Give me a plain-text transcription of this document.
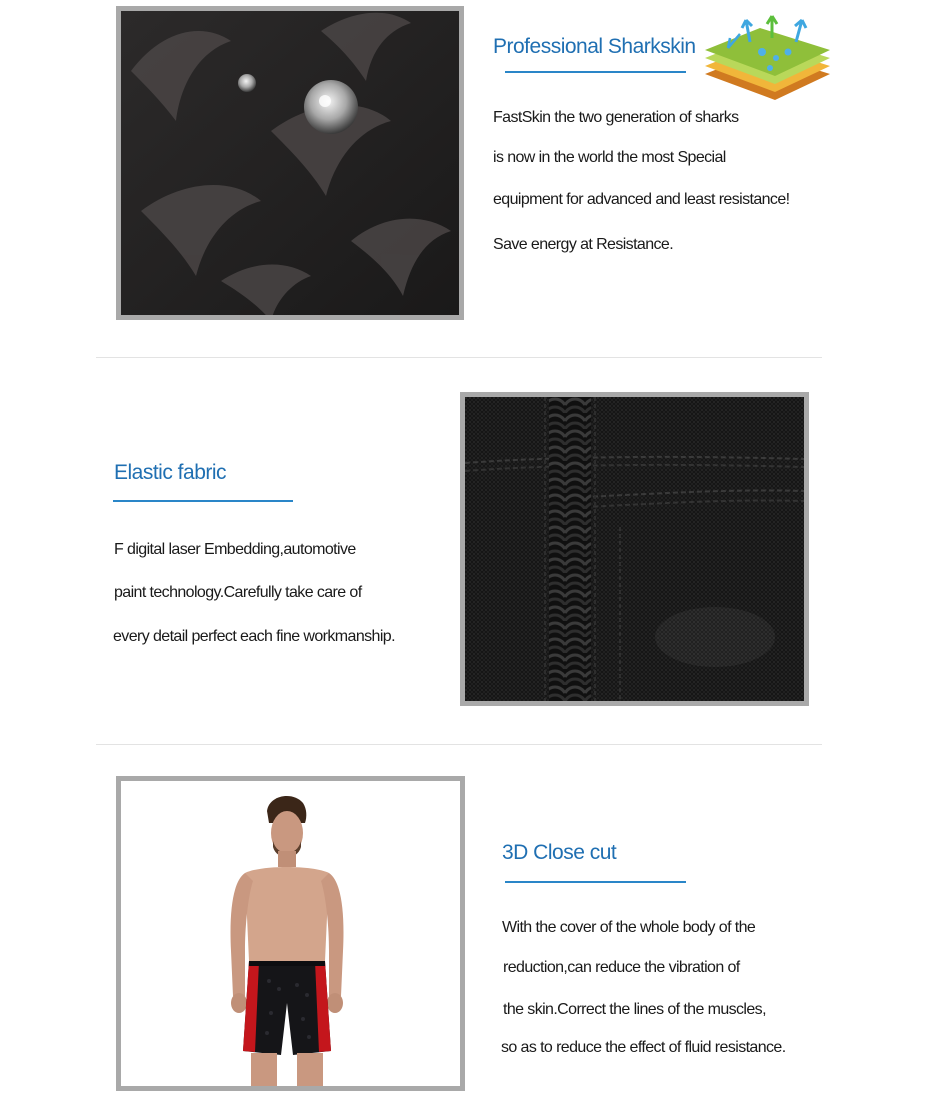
Professional Sharkskin
FastSkin the two generation of sharks
is now in the world the most Special
equipment for advanced and least resistance!
Save energy at Resistance.
Elastic fabric
F digital laser Embedding,automotive
paint technology.Carefully take care of
every detail perfect each fine workmanship.
3D Close cut
With the cover of the whole body of the
reduction,can reduce the vibration of
the skin.Correct the lines of the muscles,
so as to reduce the effect of fluid resistance.
